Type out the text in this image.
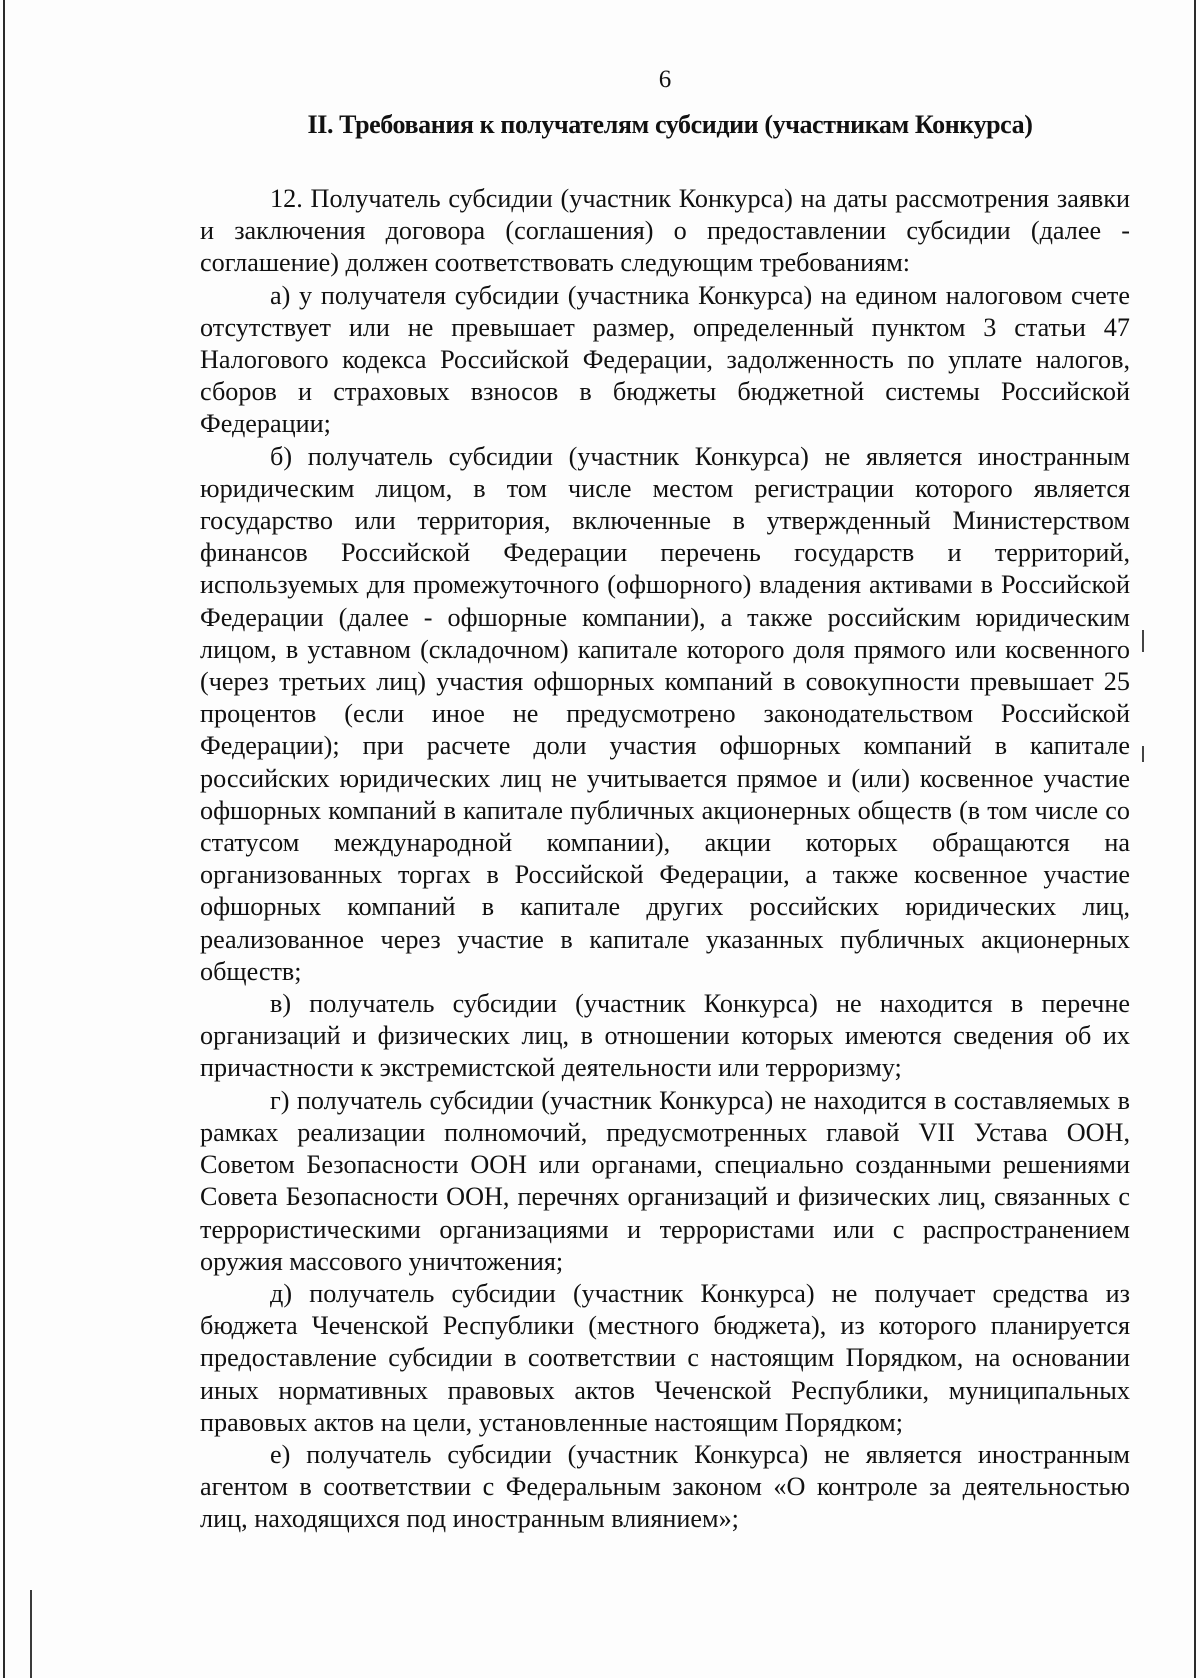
6
II. Требования к получателям субсидии (участникам Конкурса)

12. Получатель субсидии (участник Конкурса) на даты рассмотрения заявки и заключения договора (соглашения) о предоставлении субсидии (далее - соглашение) должен соответствовать следующим требованиям:

а) у получателя субсидии (участника Конкурса) на едином налоговом счете отсутствует или не превышает размер, определенный пунктом 3 статьи 47 Налогового кодекса Российской Федерации, задолженность по уплате налогов, сборов и страховых взносов в бюджеты бюджетной системы Российской Федерации;

б) получатель субсидии (участник Конкурса) не является иностранным юридическим лицом, в том числе местом регистрации которого является государство или территория, включенные в утвержденный Министерством финансов Российской Федерации перечень государств и территорий, используемых для промежуточного (офшорного) владения активами в Российской Федерации (далее - офшорные компании), а также российским юридическим лицом, в уставном (складочном) капитале которого доля прямого или косвенного (через третьих лиц) участия офшорных компаний в совокупности превышает 25 процентов (если иное не предусмотрено законодательством Российской Федерации); при расчете доли участия офшорных компаний в капитале российских юридических лиц не учитывается прямое и (или) косвенное участие офшорных компаний в капитале публичных акционерных обществ (в том числе со статусом международной компании), акции которых обращаются на организованных торгах в Российской Федерации, а также косвенное участие офшорных компаний в капитале других российских юридических лиц, реализованное через участие в капитале указанных публичных акционерных обществ;

в) получатель субсидии (участник Конкурса) не находится в перечне организаций и физических лиц, в отношении которых имеются сведения об их причастности к экстремистской деятельности или терроризму;

г) получатель субсидии (участник Конкурса) не находится в составляемых в рамках реализации полномочий, предусмотренных главой VII Устава ООН, Советом Безопасности ООН или органами, специально созданными решениями Совета Безопасности ООН, перечнях организаций и физических лиц, связанных с террористическими организациями и террористами или с распространением оружия массового уничтожения;

д) получатель субсидии (участник Конкурса) не получает средства из бюджета Чеченской Республики (местного бюджета), из которого планируется предоставление субсидии в соответствии с настоящим Порядком, на основании иных нормативных правовых актов Чеченской Республики, муниципальных правовых актов на цели, установленные настоящим Порядком;

е) получатель субсидии (участник Конкурса) не является иностранным агентом в соответствии с Федеральным законом «О контроле за деятельностью лиц, находящихся под иностранным влиянием»;
